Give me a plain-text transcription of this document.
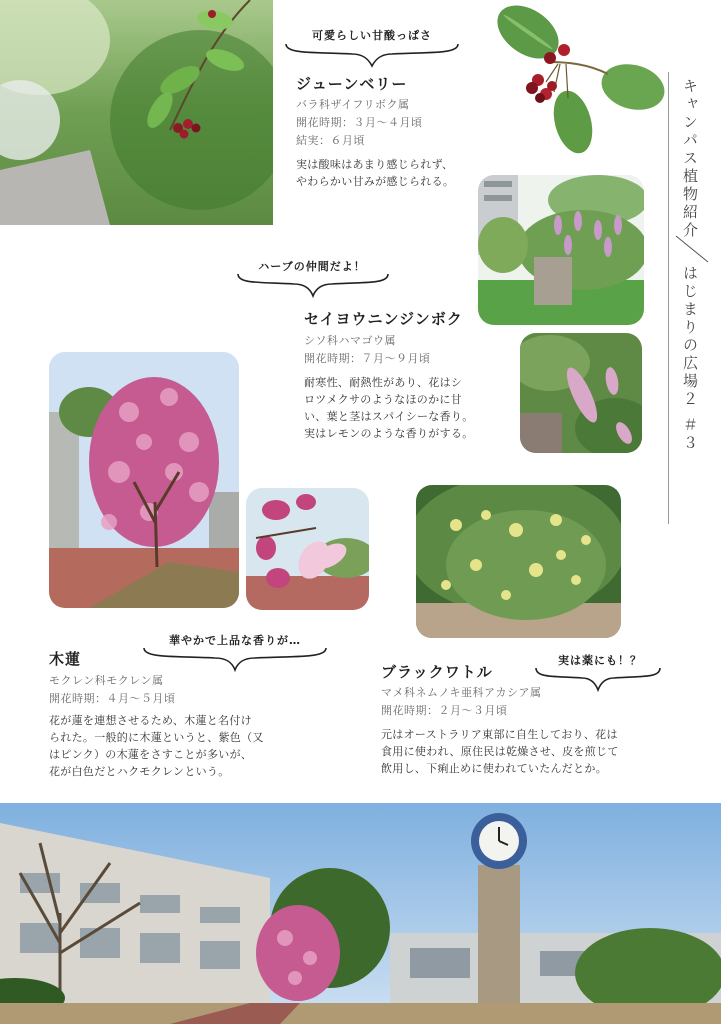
可愛らしい甘酸っぱさ
ジューンベリー
バラ科ザイフリボク属
開花時期：３月〜４月頃
結実：６月頃
実は酸味はあまり感じられず、
やわらかい甘みが感じられる。	キャンパス植物紹介
はじまりの広場２ ＃３
ハーブの仲間だよ！
セイヨウニンジンボク
シソ科ハマゴウ属
開花時期：７月〜９月頃
耐寒性、耐熱性があり、花はシ
ロツメクサのようなほのかに甘
い、葉と茎はスパイシーな香り。
実はレモンのような香りがする。
華やかで上品な香りが…
木蓮
モクレン科モクレン属
開花時期：４月〜５月頃
花が蓮を連想させるため、木蓮と名付け
られた。一般的に木蓮というと、紫色（又
はピンク）の木蓮をさすことが多いが、
花が白色だとハクモクレンという。
実は薬にも！？
ブラックワトル
マメ科ネムノキ亜科アカシア属
開花時期：２月〜３月頃
元はオーストラリア東部に自生しており、花は
食用に使われ、原住民は乾燥させ、皮を煎じて
飲用し、下痢止めに使われていたんだとか。
